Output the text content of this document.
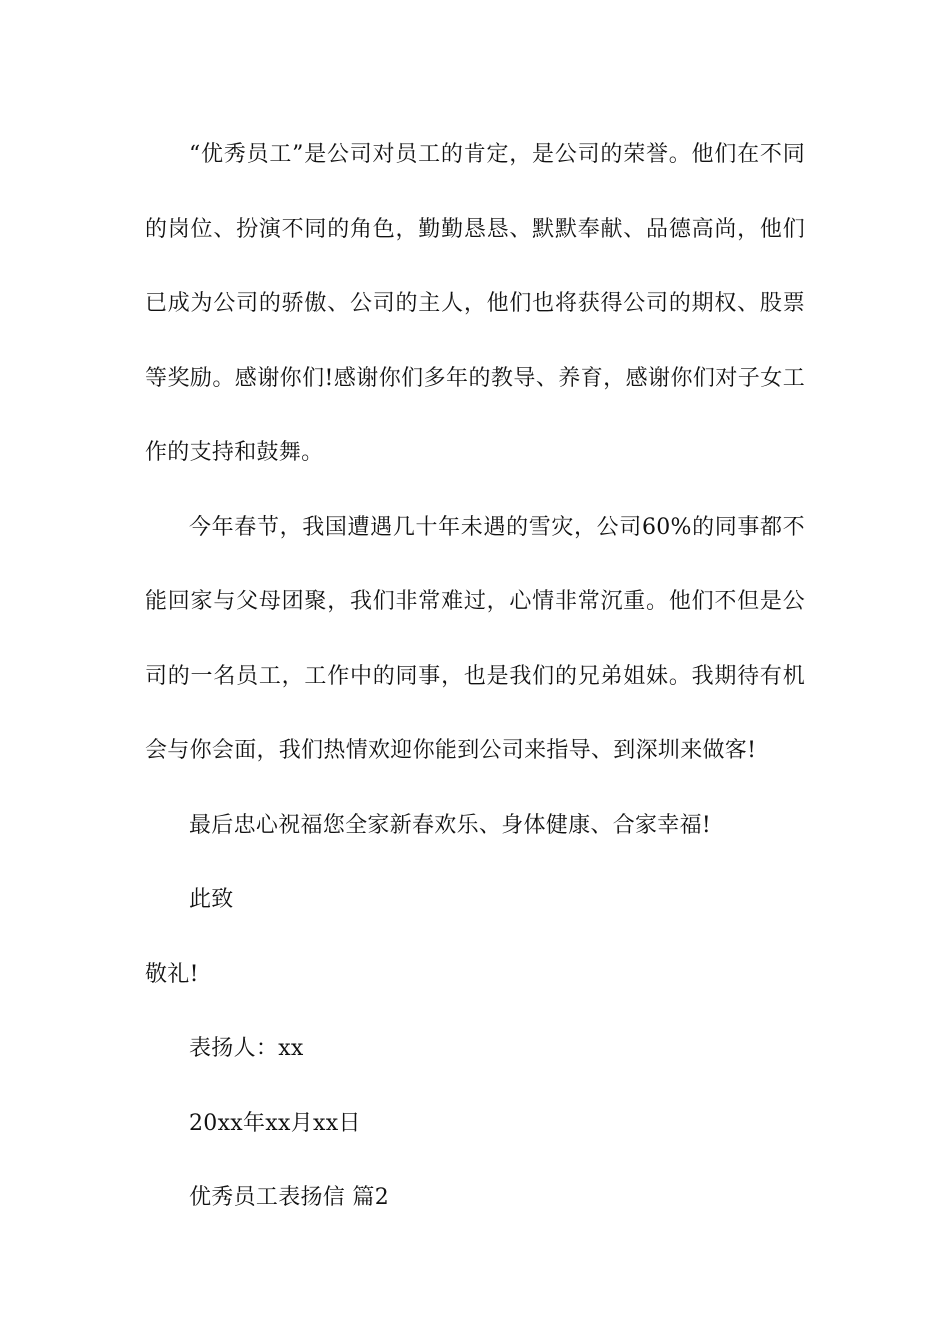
“优秀员工”是公司对员工的肯定，是公司的荣誉。他们在不同的岗位、扮演不同的角色，勤勤恳恳、默默奉献、品德高尚，他们已成为公司的骄傲、公司的主人，他们也将获得公司的期权、股票等奖励。感谢你们!感谢你们多年的教导、养育，感谢你们对子女工作的支持和鼓舞。

今年春节，我国遭遇几十年未遇的雪灾，公司60%的同事都不能回家与父母团聚，我们非常难过，心情非常沉重。他们不但是公司的一名员工，工作中的同事，也是我们的兄弟姐妹。我期待有机会与你会面，我们热情欢迎你能到公司来指导、到深圳来做客!

最后忠心祝福您全家新春欢乐、身体健康、合家幸福!

此致

敬礼!

表扬人：xx

20xx年xx月xx日

优秀员工表扬信 篇2
